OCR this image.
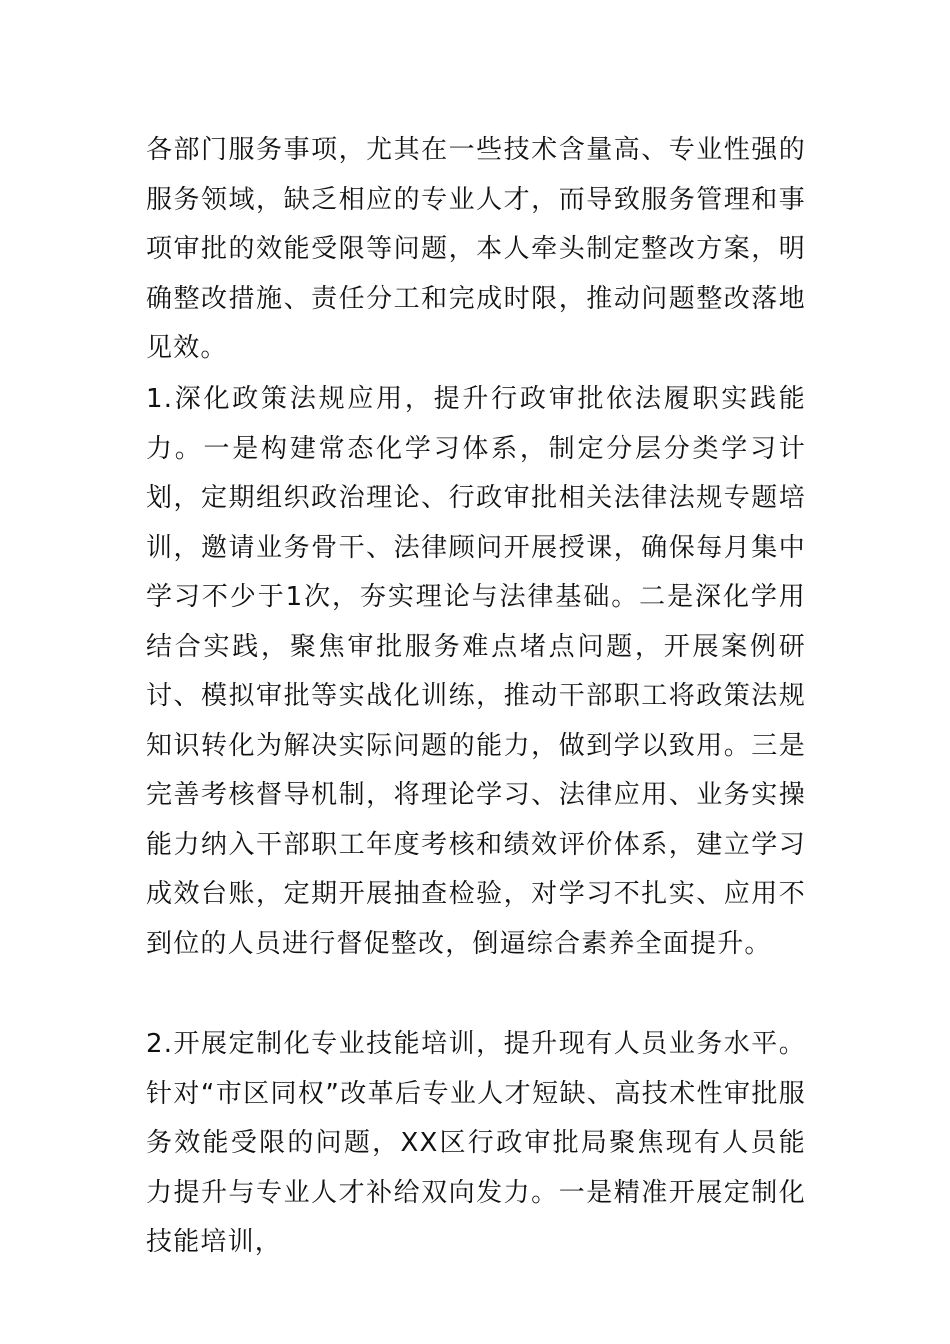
各部门服务事项，尤其在一些技术含量高、专业性强的服务领域，缺乏相应的专业人才，而导致服务管理和事项审批的效能受限等问题，本人牵头制定整改方案，明确整改措施、责任分工和完成时限，推动问题整改落地见效。

1.深化政策法规应用，提升行政审批依法履职实践能力。一是构建常态化学习体系，制定分层分类学习计划，定期组织政治理论、行政审批相关法律法规专题培训，邀请业务骨干、法律顾问开展授课，确保每月集中学习不少于1次，夯实理论与法律基础。二是深化学用结合实践，聚焦审批服务难点堵点问题，开展案例研讨、模拟审批等实战化训练，推动干部职工将政策法规知识转化为解决实际问题的能力，做到学以致用。三是完善考核督导机制，将理论学习、法律应用、业务实操能力纳入干部职工年度考核和绩效评价体系，建立学习成效台账，定期开展抽查检验，对学习不扎实、应用不到位的人员进行督促整改，倒逼综合素养全面提升。

2.开展定制化专业技能培训，提升现有人员业务水平。针对“市区同权”改革后专业人才短缺、高技术性审批服务效能受限的问题，XX区行政审批局聚焦现有人员能力提升与专业人才补给双向发力。一是精准开展定制化技能培训，
